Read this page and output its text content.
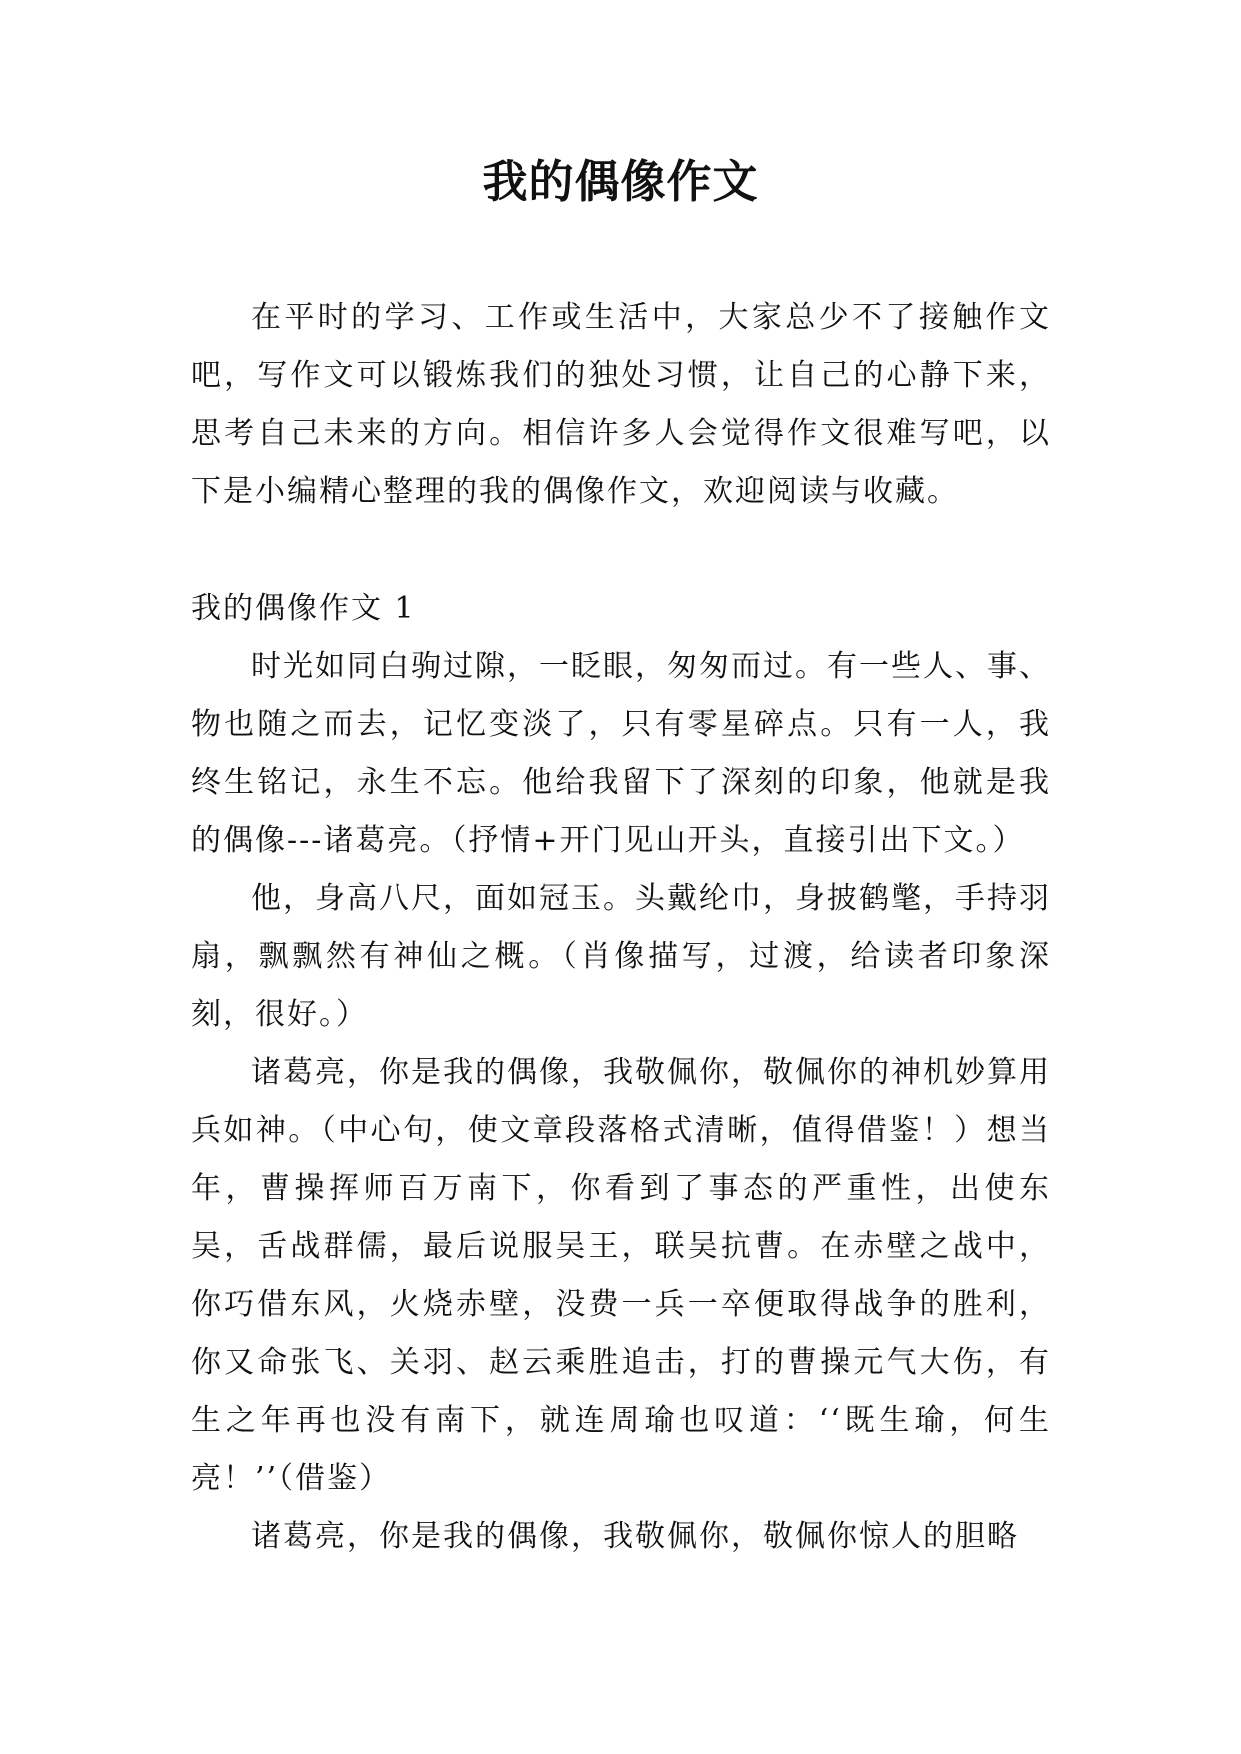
我的偶像作文

在平时的学习、工作或生活中，大家总少不了接触作文吧，写作文可以锻炼我们的独处习惯，让自己的心静下来，思考自己未来的方向。相信许多人会觉得作文很难写吧，以下是小编精心整理的我的偶像作文，欢迎阅读与收藏。

我的偶像作文 1

时光如同白驹过隙，一眨眼，匆匆而过。有一些人、事、物也随之而去，记忆变淡了，只有零星碎点。只有一人，我终生铭记，永生不忘。他给我留下了深刻的印象，他就是我的偶像---诸葛亮。（抒情+开门见山开头，直接引出下文。）

他，身高八尺，面如冠玉。头戴纶巾，身披鹤氅，手持羽扇，飘飘然有神仙之概。（肖像描写，过渡，给读者印象深刻，很好。）

诸葛亮，你是我的偶像，我敬佩你，敬佩你的神机妙算用兵如神。（中心句，使文章段落格式清晰，值得借鉴！）想当年，曹操挥师百万南下，你看到了事态的严重性，出使东吴，舌战群儒，最后说服吴王，联吴抗曹。在赤壁之战中，你巧借东风，火烧赤壁，没费一兵一卒便取得战争的胜利，你又命张飞、关羽、赵云乘胜追击，打的曹操元气大伤，有生之年再也没有南下，就连周瑜也叹道：‘‘既生瑜，何生亮！’’（借鉴）

诸葛亮，你是我的偶像，我敬佩你，敬佩你惊人的胆略
